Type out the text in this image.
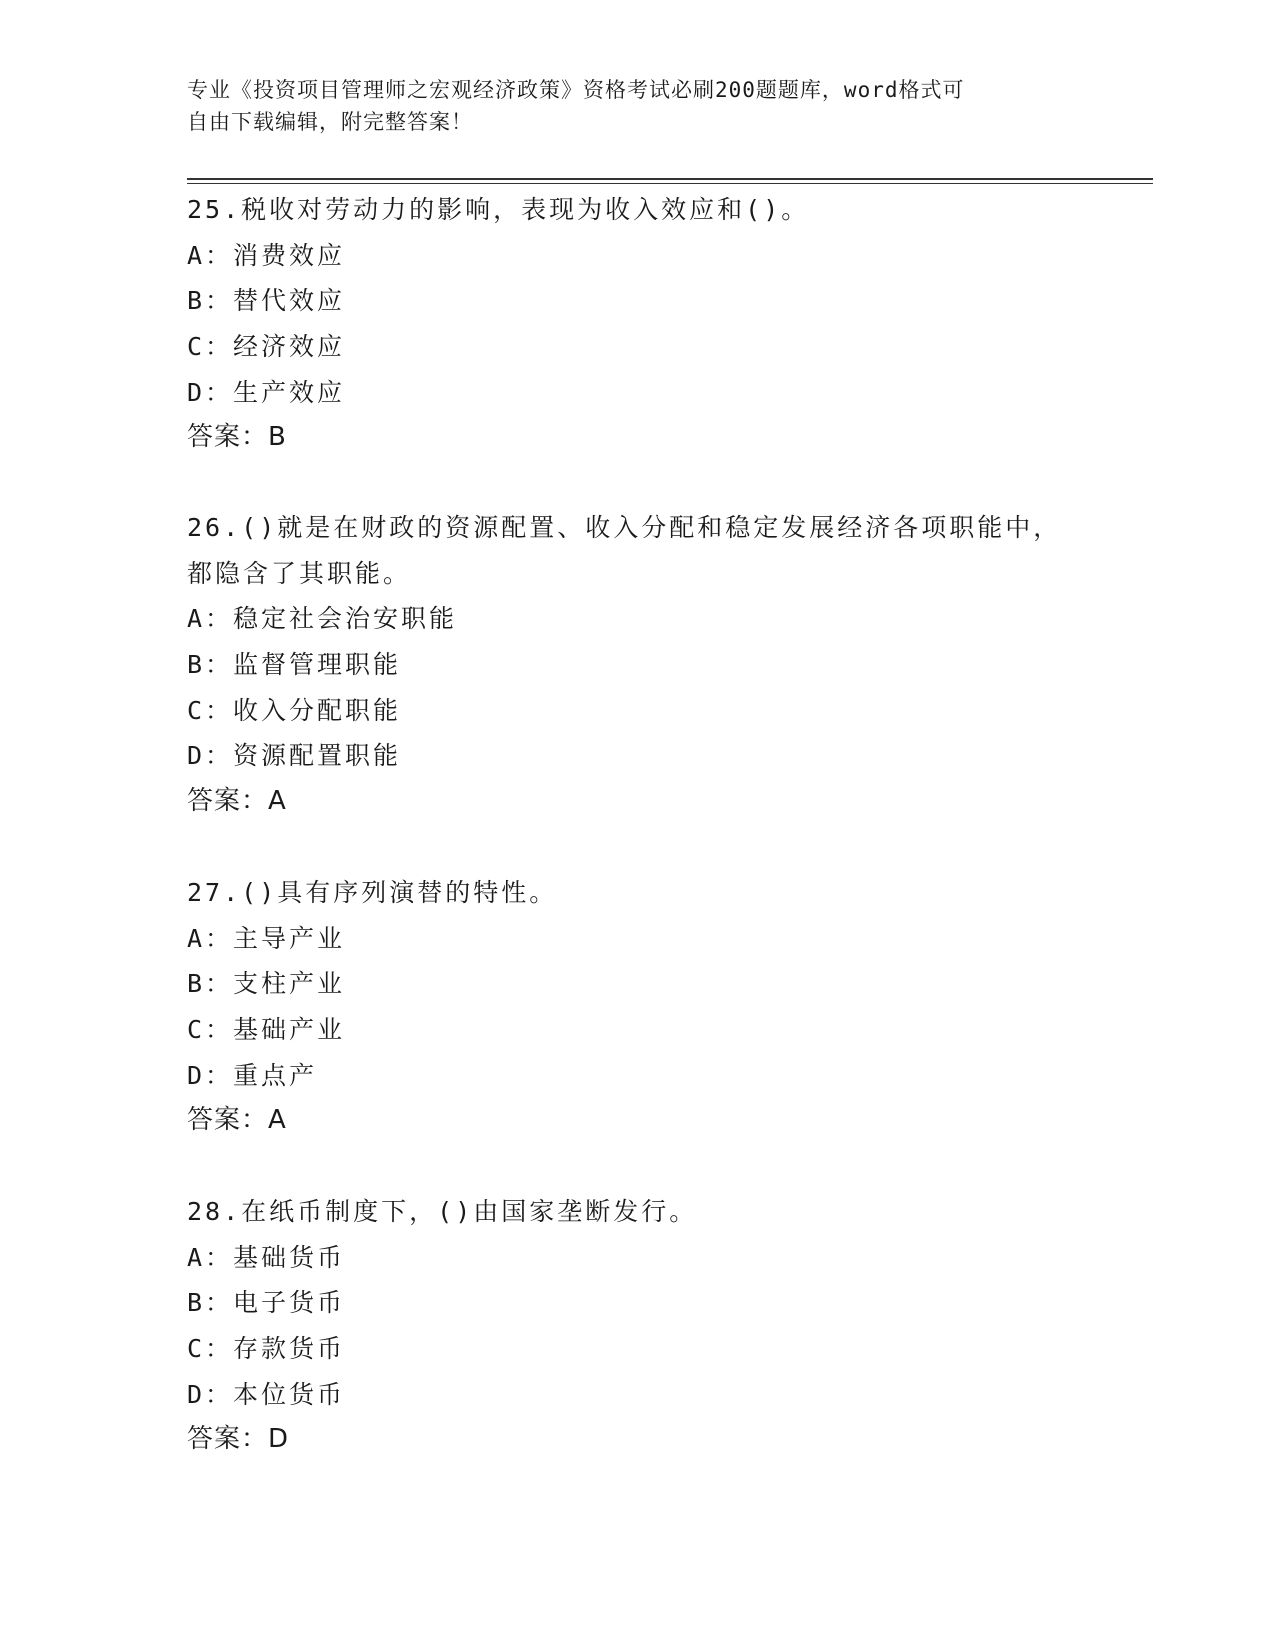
专业《投资项目管理师之宏观经济政策》资格考试必刷200题题库，word格式可
自由下载编辑，附完整答案！
25.税收对劳动力的影响，表现为收入效应和()。
A：消费效应
B：替代效应
C：经济效应
D：生产效应
答案：B
26.()就是在财政的资源配置、收入分配和稳定发展经济各项职能中，
都隐含了其职能。
A：稳定社会治安职能
B：监督管理职能
C：收入分配职能
D：资源配置职能
答案：A
27.()具有序列演替的特性。
A：主导产业
B：支柱产业
C：基础产业
D：重点产
答案：A
28.在纸币制度下，()由国家垄断发行。
A：基础货币
B：电子货币
C：存款货币
D：本位货币
答案：D
